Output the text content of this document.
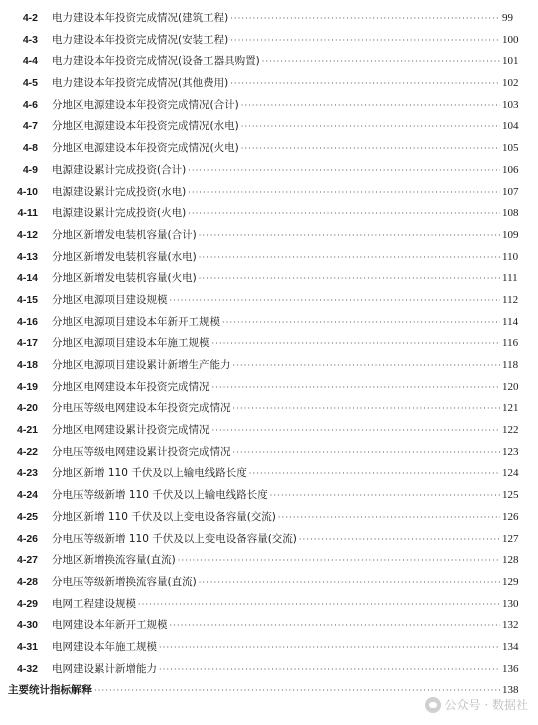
4-2 电力建设本年投资完成情况(建筑工程) ·····	99
4-3 电力建设本年投资完成情况(安装工程) ·····	100
4-4 电力建设本年投资完成情况(设备工器具购置) ·····	101
4-5 电力建设本年投资完成情况(其他费用) ·····	102
4-6 分地区电源建设本年投资完成情况(合计) ·····	103
4-7 分地区电源建设本年投资完成情况(水电) ·····	104
4-8 分地区电源建设本年投资完成情况(火电) ·····	105
4-9 电源建设累计完成投资(合计) ·····	106
4-10 电源建设累计完成投资(水电) ·····	107
4-11 电源建设累计完成投资(火电) ·····	108
4-12 分地区新增发电装机容量(合计) ·····	109
4-13 分地区新增发电装机容量(水电) ·····	110
4-14 分地区新增发电装机容量(火电) ·····	111
4-15 分地区电源项目建设规模 ·····	112
4-16 分地区电源项目建设本年新开工规模 ·····	114
4-17 分地区电源项目建设本年施工规模 ·····	116
4-18 分地区电源项目建设累计新增生产能力 ·····	118
4-19 分地区电网建设本年投资完成情况 ·····	120
4-20 分电压等级电网建设本年投资完成情况 ·····	121
4-21 分地区电网建设累计投资完成情况 ·····	122
4-22 分电压等级电网建设累计投资完成情况 ·····	123
4-23 分地区新增 110 千伏及以上输电线路长度 ·····	124
4-24 分电压等级新增 110 千伏及以上输电线路长度 ·····	125
4-25 分地区新增 110 千伏及以上变电设备容量(交流) ·····	126
4-26 分电压等级新增 110 千伏及以上变电设备容量(交流) ·····	127
4-27 分地区新增换流容量(直流) ·····	128
4-28 分电压等级新增换流容量(直流) ·····	129
4-29 电网工程建设规模 ·····	130
4-30 电网建设本年新开工规模 ·····	132
4-31 电网建设本年施工规模 ·····	134
4-32 电网建设累计新增能力 ·····	136
主要统计指标解释 ·····	138
公众号 · 数据社
